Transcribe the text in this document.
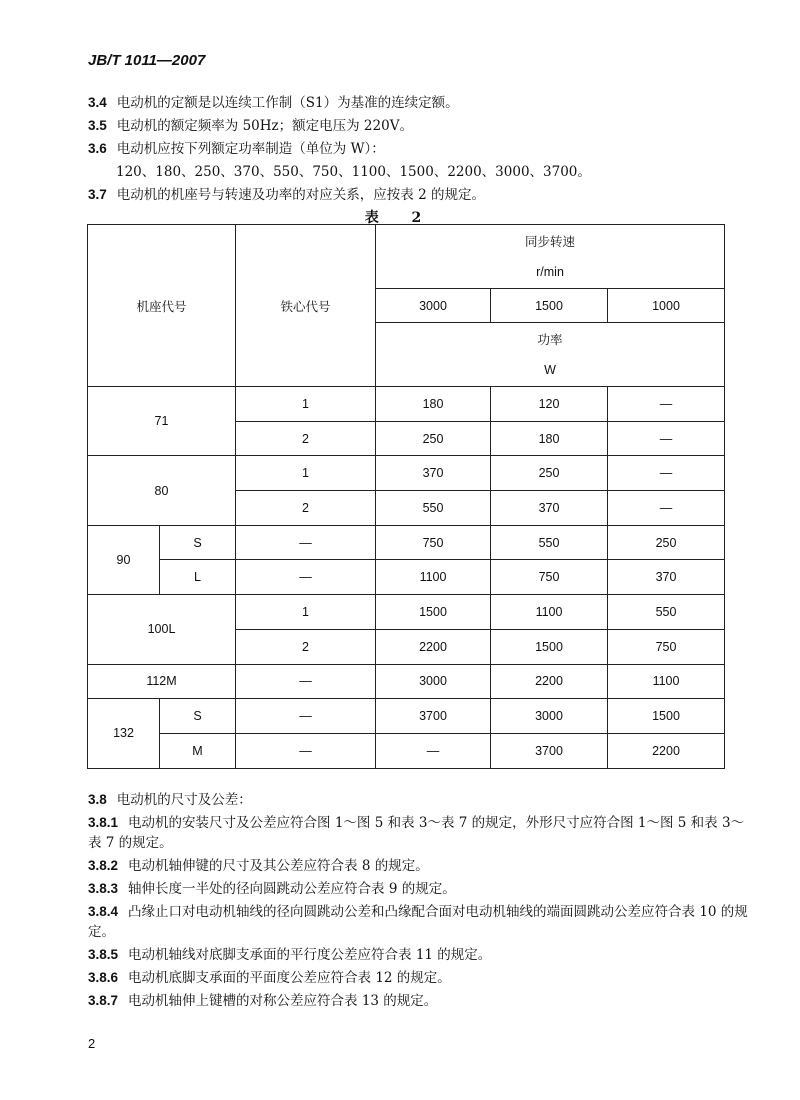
JB/T 1011—2007
3.4 电动机的定额是以连续工作制（S1）为基准的连续定额。
3.5 电动机的额定频率为 50Hz；额定电压为 220V。
3.6 电动机应按下列额定功率制造（单位为 W）：
120、180、250、370、550、750、1100、1500、2200、3000、3700。
3.7 电动机的机座号与转速及功率的对应关系，应按表 2 的规定。
表 2
机座代号		铁心代号	同步转速
r/min		

			3000	1500	1000

			功率
W		

71		1	180	120	—
		2	250	180	—
80		1	370	250	—
		2	550	370	—
90	S	—	750	550	250
	L	—	1100	750	370
100L		1	1500	1100	550
		2	2200	1500	750
112M		—	3000	2200	1100
132	S	—	3700	3000	1500
	M	—	—	3700	2200
3.8 电动机的尺寸及公差：
3.8.1 电动机的安装尺寸及公差应符合图 1～图 5 和表 3～表 7 的规定，外形尺寸应符合图 1～图 5 和表 3～表 7 的规定。
3.8.2 电动机轴伸键的尺寸及其公差应符合表 8 的规定。
3.8.3 轴伸长度一半处的径向圆跳动公差应符合表 9 的规定。
3.8.4 凸缘止口对电动机轴线的径向圆跳动公差和凸缘配合面对电动机轴线的端面圆跳动公差应符合表 10 的规定。
3.8.5 电动机轴线对底脚支承面的平行度公差应符合表 11 的规定。
3.8.6 电动机底脚支承面的平面度公差应符合表 12 的规定。
3.8.7 电动机轴伸上键槽的对称公差应符合表 13 的规定。
2
